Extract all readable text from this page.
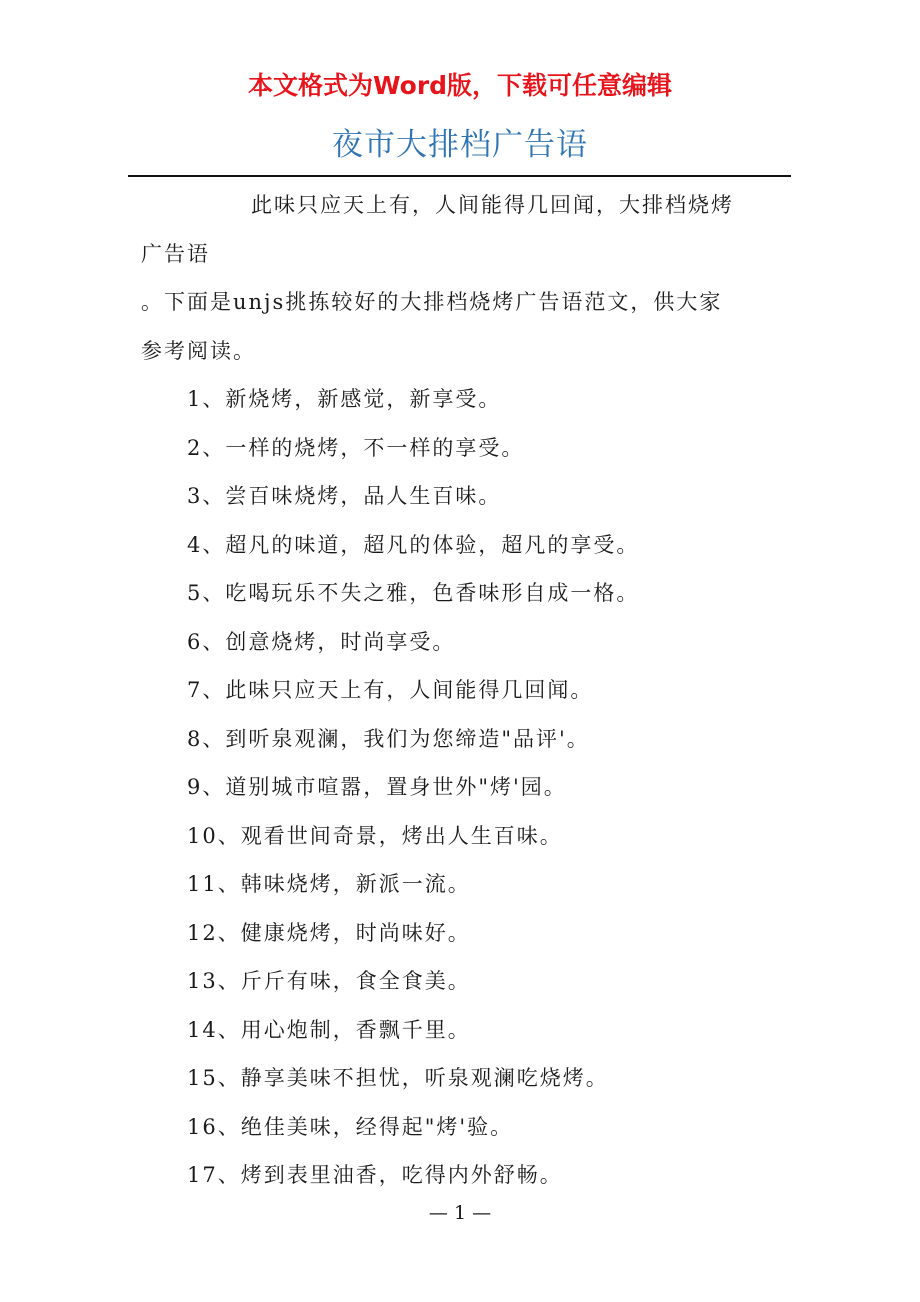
本文格式为Word版，下载可任意编辑
夜市大排档广告语

此味只应天上有，人间能得几回闻，大排档烧烤

广告语

。下面是unjs挑拣较好的大排档烧烤广告语范文，供大家

参考阅读。

1、新烧烤，新感觉，新享受。
2、一样的烧烤，不一样的享受。
3、尝百味烧烤，品人生百味。
4、超凡的味道，超凡的体验，超凡的享受。
5、吃喝玩乐不失之雅，色香味形自成一格。
6、创意烧烤，时尚享受。
7、此味只应天上有，人间能得几回闻。
8、到听泉观澜，我们为您缔造"品评'。
9、道别城市喧嚣，置身世外"烤'园。
10、观看世间奇景，烤出人生百味。
11、韩味烧烤，新派一流。
12、健康烧烤，时尚味好。
13、斤斤有味，食全食美。
14、用心炮制，香飘千里。
15、静享美味不担忧，听泉观澜吃烧烤。
16、绝佳美味，经得起"烤'验。
17、烤到表里油香，吃得内外舒畅。
— 1 —
